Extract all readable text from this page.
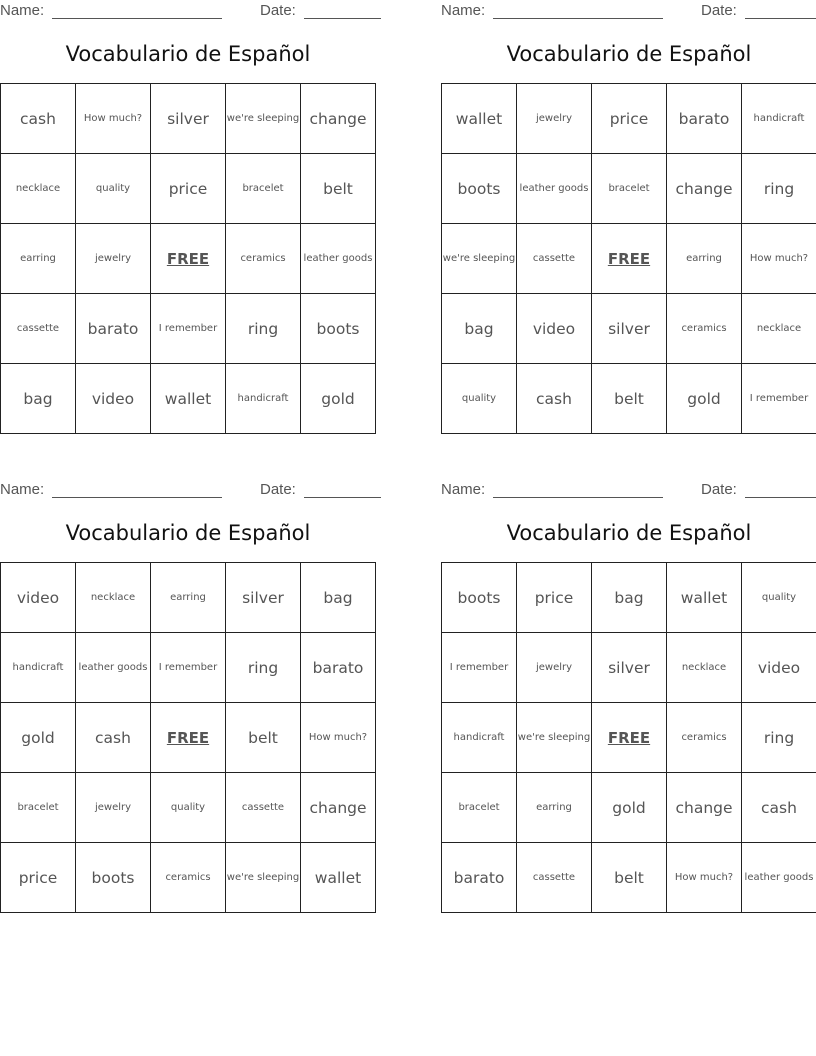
Name:	Date:
Vocabulario de Español
cash	How much?	silver	we're sleeping	change
necklace	quality	price	bracelet	belt
earring	jewelry	FREE	ceramics	leather goods
cassette	barato	I remember	ring	boots
bag	video	wallet	handicraft	gold
Name:	Date:
Vocabulario de Español
wallet	jewelry	price	barato	handicraft
boots	leather goods	bracelet	change	ring
we're sleeping	cassette	FREE	earring	How much?
bag	video	silver	ceramics	necklace
quality	cash	belt	gold	I remember
Name:	Date:
Vocabulario de Español
video	necklace	earring	silver	bag
handicraft	leather goods	I remember	ring	barato
gold	cash	FREE	belt	How much?
bracelet	jewelry	quality	cassette	change
price	boots	ceramics	we're sleeping	wallet
Name:	Date:
Vocabulario de Español
boots	price	bag	wallet	quality
I remember	jewelry	silver	necklace	video
handicraft	we're sleeping	FREE	ceramics	ring
bracelet	earring	gold	change	cash
barato	cassette	belt	How much?	leather goods
